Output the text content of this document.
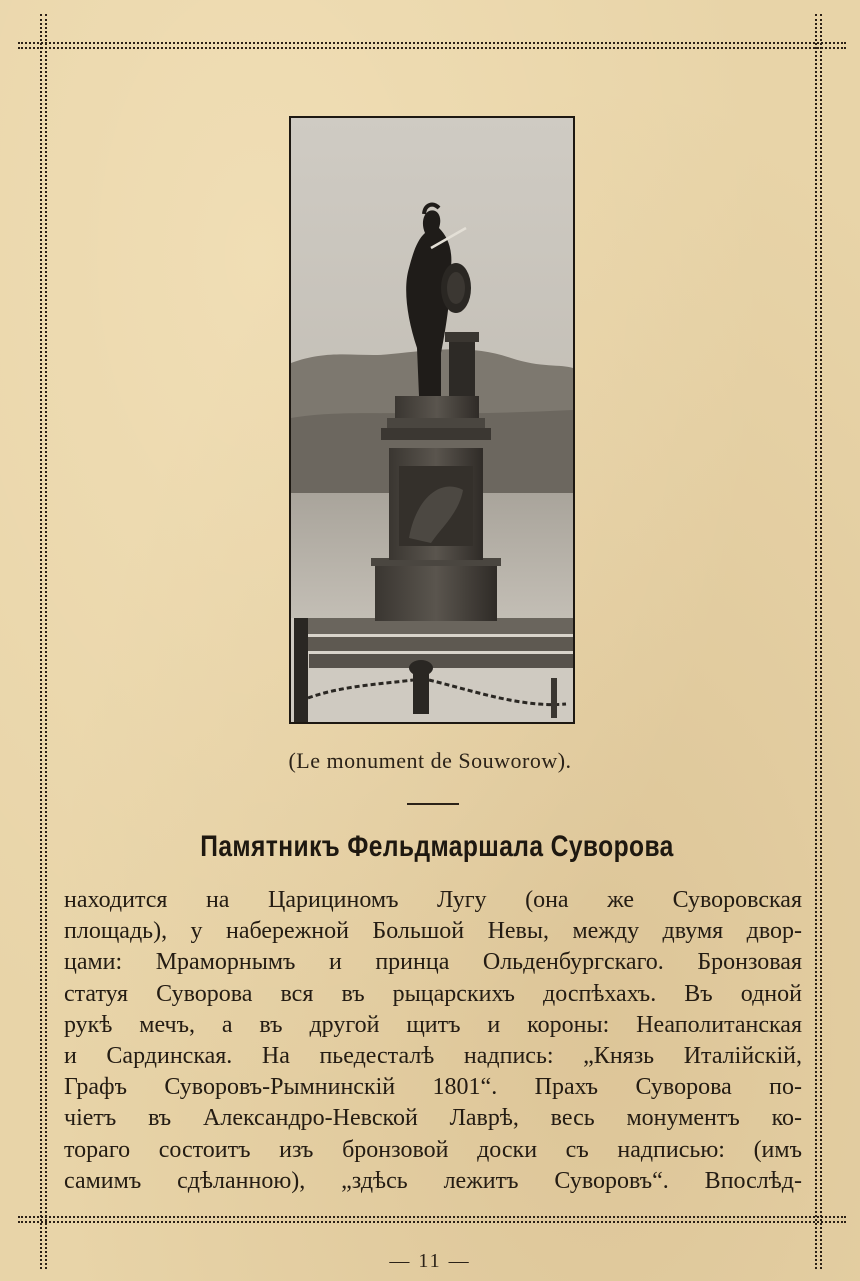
(Le monument de Souworow).
Памятникъ Фельдмаршала Суворова
находится на Царициномъ Лугу (она же Суворовская
площадь), у набережной Большой Невы, между двумя двор-
цами: Мраморнымъ и принца Ольденбургскаго. Бронзовая
статуя Суворова вся въ рыцарскихъ доспѣхахъ. Въ одной
рукѣ мечъ, а въ другой щитъ и короны: Неаполитанская
и Сардинская. На пьедесталѣ надпись: „Князь Италійскій,
Графъ Суворовъ-Рымнинскій 1801“. Прахъ Суворова по-
чіетъ въ Александро-Невской Лаврѣ, весь монументъ ко-
тораго состоитъ изъ бронзовой доски съ надписью: (имъ
самимъ сдѣланною), „здѣсь лежитъ Суворовъ“. Впослѣд-
— 11 —
